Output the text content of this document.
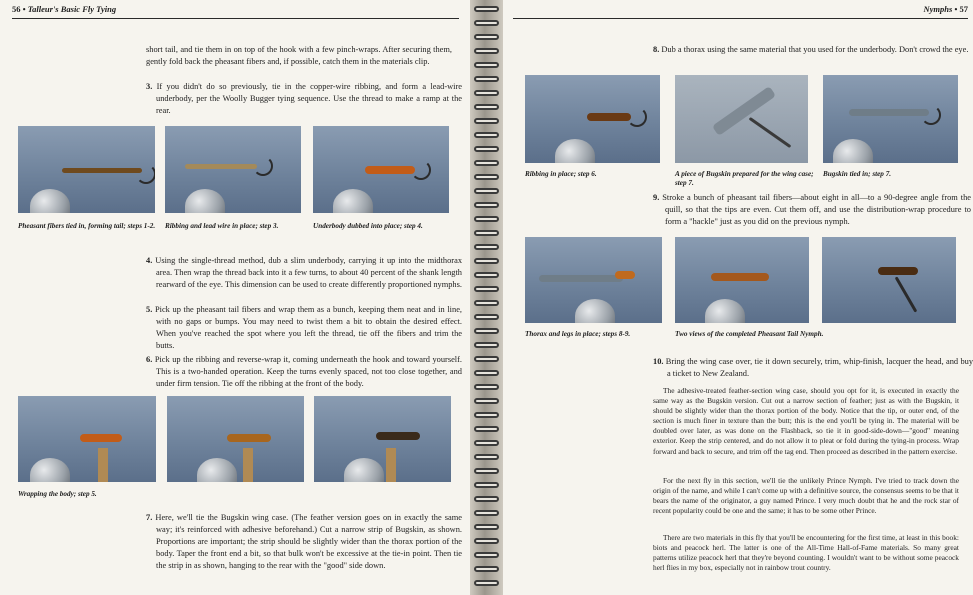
56 • Talleur's Basic Fly Tying

short tail, and tie them in on top of the hook with a few pinch-wraps. After securing them, gently fold back the pheasant fibers and, if possible, catch them in the materials clip.

3. If you didn't do so previously, tie in the copper-wire ribbing, and form a lead-wire underbody, per the Woolly Bugger tying sequence. Use the thread to make a ramp at the rear.

Pheasant fibers tied in, forming tail; steps 1-2.	Ribbing and lead wire in place; step 3.	Underbody dubbed into place; step 4.

4. Using the single-thread method, dub a slim underbody, carrying it up into the midthorax area. Then wrap the thread back into it a few turns, to about 40 percent of the shank length rearward of the eye. This dimension can be used to create differently proportioned nymphs.

5. Pick up the pheasant tail fibers and wrap them as a bunch, keeping them neat and in line, with no gaps or bumps. You may need to twist them a bit to obtain the desired effect. When you've reached the spot where you left the thread, tie off the fibers and trim the butts.

6. Pick up the ribbing and reverse-wrap it, coming underneath the hook and toward yourself. This is a two-handed operation. Keep the turns evenly spaced, not too close together, and under firm tension. Tie off the ribbing at the front of the body.

Wrapping the body; step 5.

7. Here, we'll tie the Bugskin wing case. (The feather version goes on in exactly the same way; it's reinforced with adhesive beforehand.) Cut a narrow strip of Bugskin, as shown. Proportions are important; the strip should be slightly wider than the thorax portion of the body. Taper the front end a bit, so that bulk won't be excessive at the tie-in point. Then tie the strip in as shown, hanging to the rear with the "good" side down.

Nymphs • 57

8. Dub a thorax using the same material that you used for the underbody. Don't crowd the eye.

Ribbing in place; step 6.	A piece of Bugskin prepared for the wing case; step 7.
Bugskin tied in; step 7.

9. Stroke a bunch of pheasant tail fibers—about eight in all—to a 90-degree angle from the quill, so that the tips are even. Cut them off, and use the distribution-wrap procedure to form a "hackle" just as you did on the previous nymph.

Thorax and legs in place; steps 8-9.	Two views of the completed Pheasant Tail Nymph.

10. Bring the wing case over, tie it down securely, trim, whip-finish, lacquer the head, and buy a ticket to New Zealand.

The adhesive-treated feather-section wing case, should you opt for it, is executed in exactly the same way as the Bugskin version. Cut out a narrow section of feather; just as with the Bugskin, it should be slightly wider than the thorax portion of the body. Notice that the tip, or outer end, of the section is much finer in texture than the butt; this is the end you'll be tying in. The material will be doubled over later, as was done on the Flashback, so tie it in good-side-down—"good" meaning exterior. Keep the strip centered, and do not allow it to pleat or fold during the tying-in process. Wrap forward and back to secure, and trim off the tag end. Then proceed as described in the pattern exercise.

For the next fly in this section, we'll tie the unlikely Prince Nymph. I've tried to track down the origin of the name, and while I can't come up with a definitive source, the consensus seems to be that it bears the name of the originator, a guy named Prince. I very much doubt that he and the rock star of recent popularity could be one and the same; it has to be some other Prince.

There are two materials in this fly that you'll be encountering for the first time, at least in this book: biots and peacock herl. The latter is one of the All-Time Hall-of-Fame materials. So many great patterns utilize peacock herl that they're beyond counting. I wouldn't want to be without some peacock herl flies in my box, especially not in rainbow trout country.
